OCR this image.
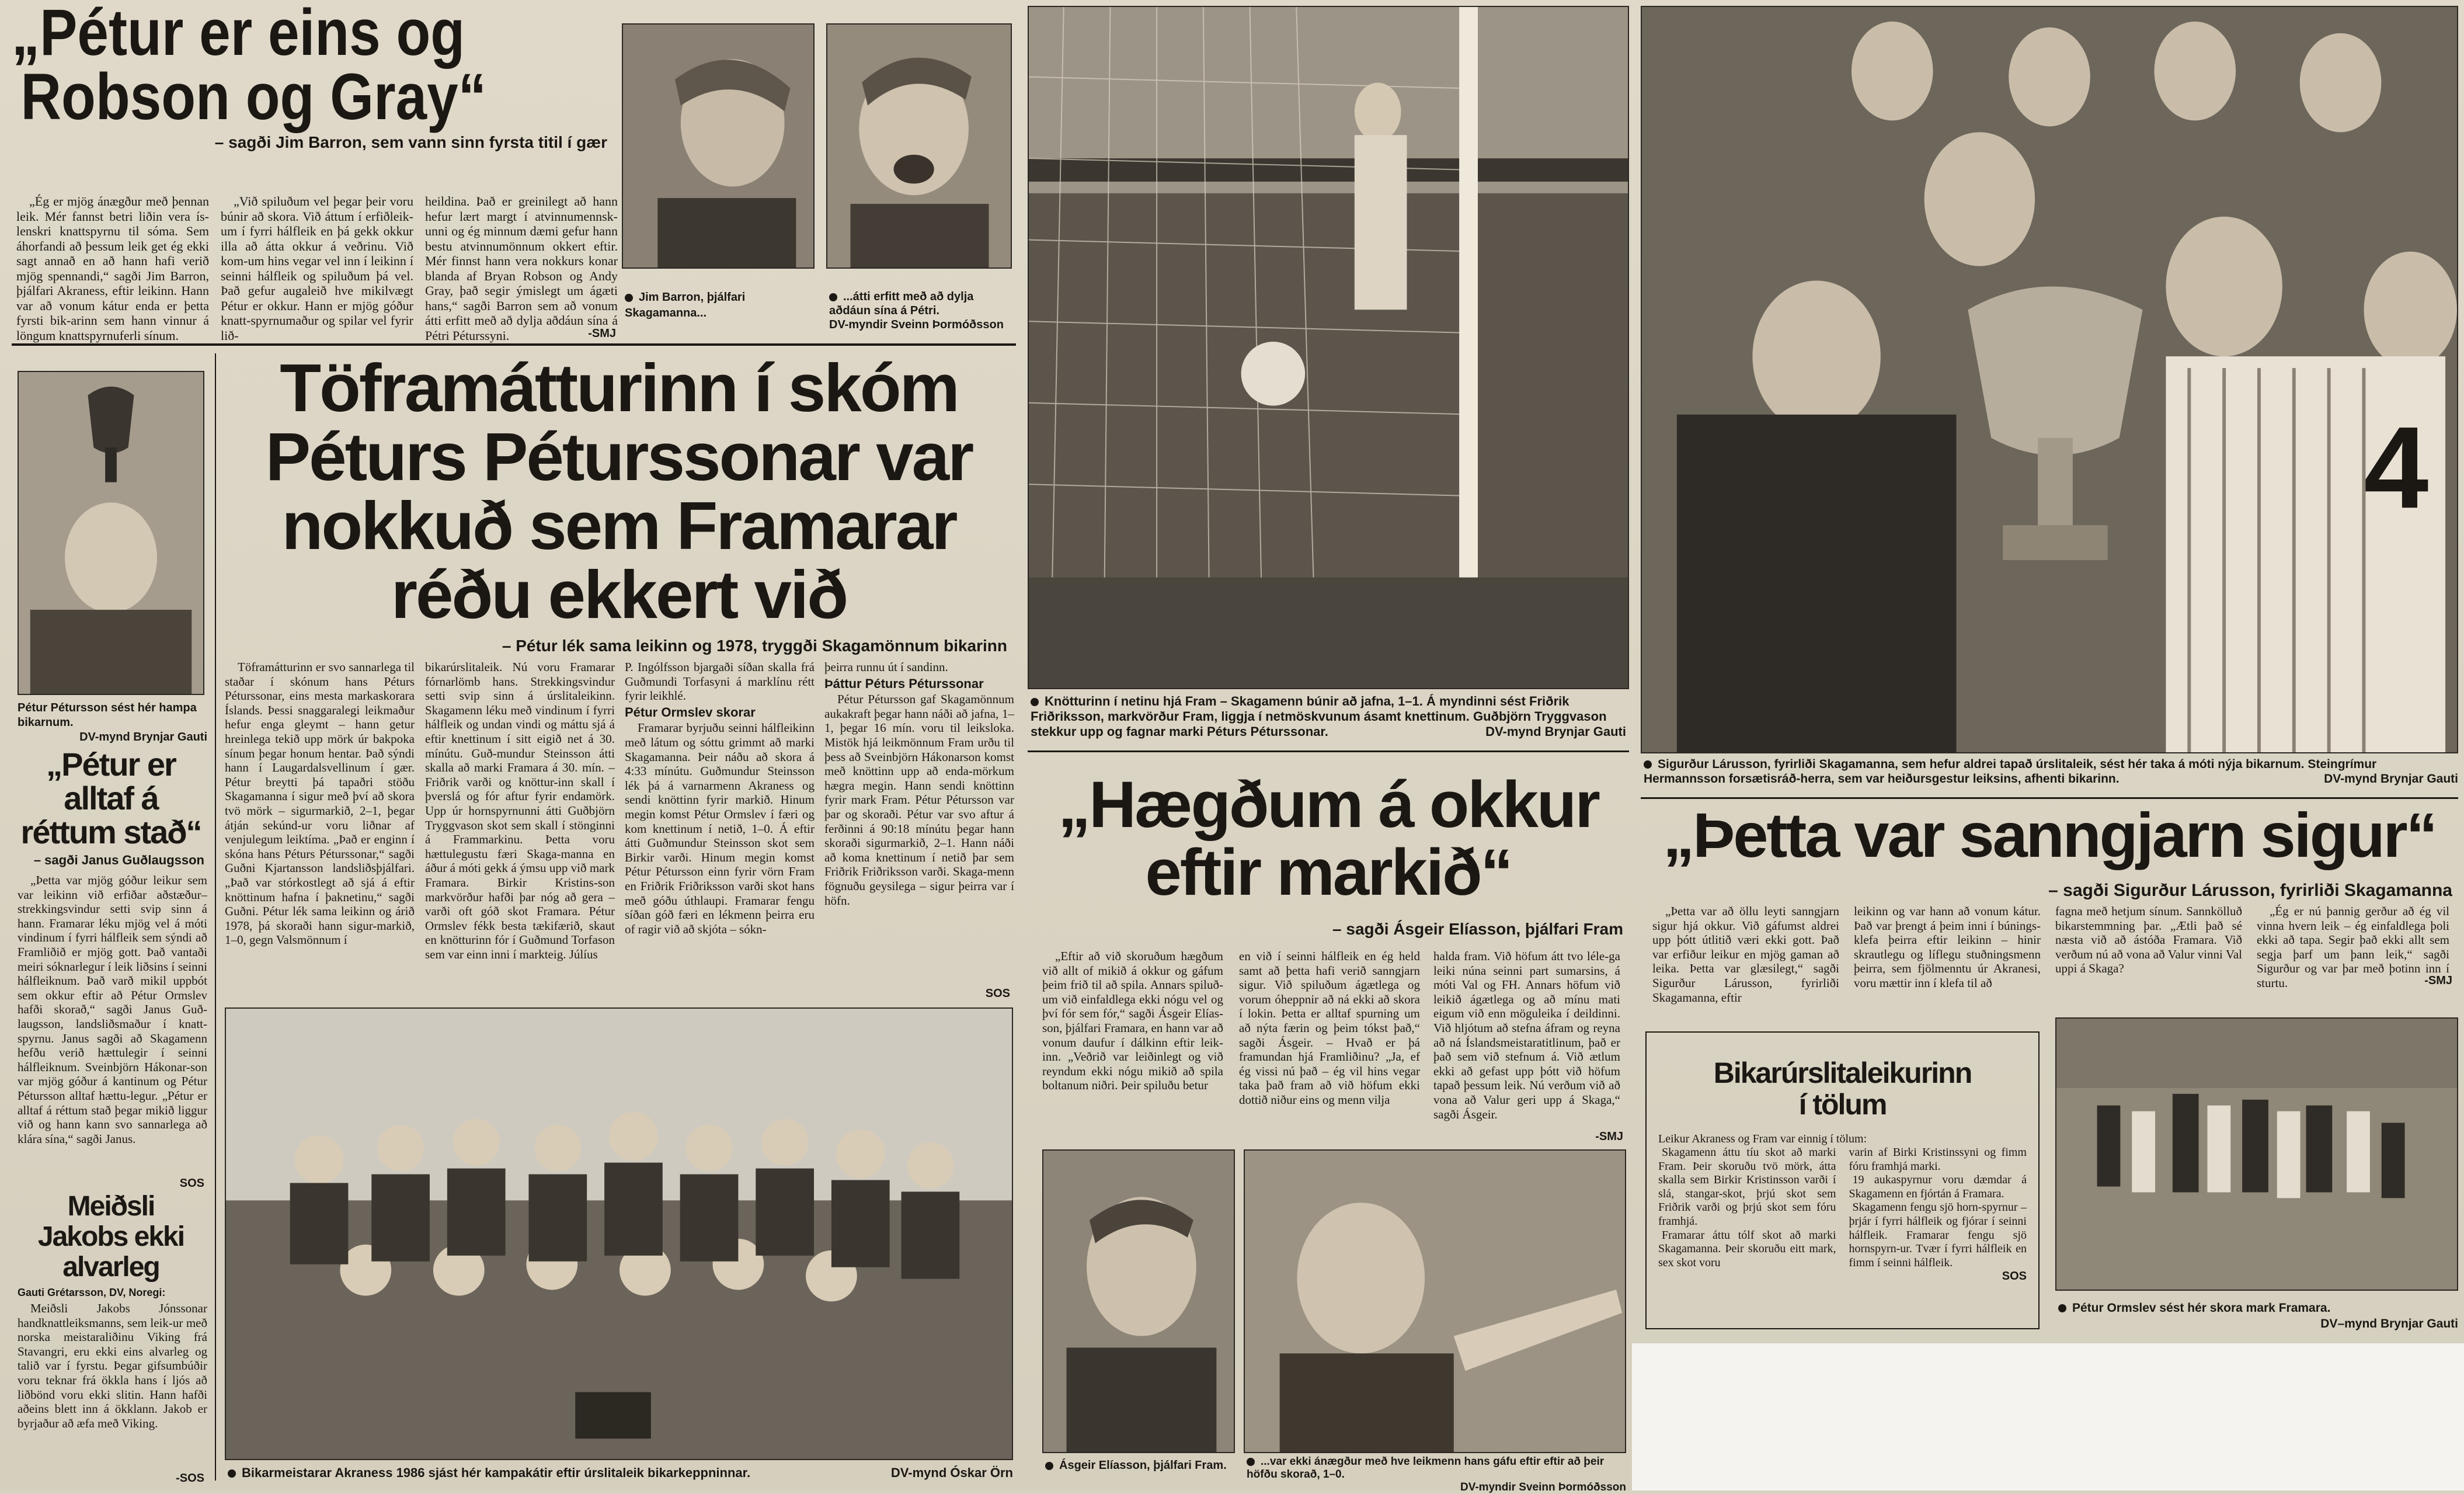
„Pétur er eins og
Robson og Gray“
– sagði Jim Barron, sem vann sinn fyrsta titil í gær

„Ég er mjög ánægður með þennan leik. Mér fannst betri liðin vera ís-lenskri knattspyrnu til sóma. Sem áhorfandi að þessum leik get ég ekki sagt annað en að hann hafi verið mjög spennandi,“ sagði Jim Barron, þjálfari Akraness, eftir leikinn. Hann var að vonum kátur enda er þetta fyrsti bik-arinn sem hann vinnur á löngum knattspyrnuferli sínum.

„Við spiluðum vel þegar þeir voru búnir að skora. Við áttum í erfiðleik-um í fyrri hálfleik en þá gekk okkur illa að átta okkur á veðrinu. Við kom-um hins vegar vel inn í leikinn í seinni hálfleik og spiluðum þá vel. Það gefur augaleið hve mikilvægt Pétur er okkur. Hann er mjög góður knatt-spyrnumaður og spilar vel fyrir lið-

heildina. Það er greinilegt að hann hefur lært margt í atvinnumennsk-unni og ég minnum dæmi gefur hann bestu atvinnumönnum okkert eftir. Mér finnst hann vera nokkurs konar blanda af Bryan Robson og Andy Gray, það segir ýmislegt um ágæti hans,“ sagði Barron sem að vonum átti erfitt með að dylja aðdáun sína á Pétri Péturssyni.	-SMJ
Jim Barron, þjálfari Skagamanna...
...átti erfitt með að dylja aðdáun sína á Pétri.
DV-myndir Sveinn Þormóðsson
Pétur Pétursson sést hér hampa bikarnum.

DV-mynd Brynjar Gauti
„Pétur er
alltaf á
réttum stað“
– sagði Janus Guðlaugsson

„Þetta var mjög góður leikur sem var leikinn við erfiðar aðstæður– strekkingsvindur setti svip sinn á hann. Framarar léku mjög vel á móti vindinum í fyrri hálfleik sem sýndi að Framliðið er mjög gott. Það vantaði meiri sóknarlegur í leik liðsins í seinni hálfleiknum. Það varð mikil uppbót sem okkur eftir að Pétur Ormslev hafði skorað,“ sagði Janus Guð-laugsson, landsliðsmaður í knatt-spyrnu. Janus sagði að Skagamenn hefðu verið hættulegir í seinni hálfleiknum. Sveinbjörn Hákonar-son var mjög góður á kantinum og Pétur Pétursson alltaf hættu-legur. „Pétur er alltaf á réttum stað þegar mikið liggur við og hann kann svo sannarlega að klára sína,“ sagði Janus.

SOS
Meiðsli
Jakobs ekki
alvarleg
Gauti Grétarsson, DV, Noregi:

Meiðsli Jakobs Jónssonar handknattleiksmanns, sem leik-ur með norska meistaraliðinu Viking frá Stavangri, eru ekki eins alvarleg og talið var í fyrstu. Þegar gifsumbúðir voru teknar frá ökkla hans í ljós að liðbönd voru ekki slitin. Hann hafði aðeins blett inn á ökklann. Jakob er byrjaður að æfa með Viking.

-SOS
Töframátturinn í skóm
Péturs Péturssonar var
nokkuð sem Framarar
réðu ekkert við
– Pétur lék sama leikinn og 1978, tryggði Skagamönnum bikarinn

Töframátturinn er svo sannarlega til staðar í skónum hans Péturs Péturssonar, eins mesta markaskorara Íslands. Þessi snaggaralegi leikmaður hefur enga gleymt – hann getur hreinlega tekið upp mörk úr bakpoka sínum þegar honum hentar. Það sýndi hann í Laugardalsvellinum í gær. Pétur breytti þá tapaðri stöðu Skagamanna í sigur með því að skora tvö mörk – sigurmarkið, 2–1, þegar átján sekúnd-ur voru liðnar af venjulegum leiktíma. „Það er enginn í skóna hans Péturs Péturssonar,“ sagði Guðni Kjartansson landsliðsþjálfari. „Það var stórkostlegt að sjá á eftir knöttinum hafna í þaknetinu,“ sagði Guðni. Pétur lék sama leikinn og árið 1978, þá skoraði hann sigur-markið, 1–0, gegn Valsmönnum í

bikarúrslitaleik. Nú voru Framarar fórnarlömb hans. Strekkingsvindur setti svip sinn á úrslitaleikinn. Skagamenn léku með vindinum í fyrri hálfleik og undan vindi og máttu sjá á eftir knettinum í sitt eigið net á 30. mínútu. Guð-mundur Steinsson átti skalla að marki Framara á 30. mín. – Friðrik varði og knöttur-inn skall í þverslá og fór aftur fyrir endamörk. Upp úr hornspyrnunni átti Guðbjörn Tryggvason skot sem skall í stönginni á Frammarkinu. Þetta voru hættulegustu færi Skaga-manna en áður á móti gekk á ýmsu upp við mark Framara. Birkir Kristins-son markvörður hafði þar nóg að gera – varði oft góð skot Framara. Pétur Ormslev fékk besta tækifærið, skaut en knötturinn fór í Guðmund Torfason sem var einn inni í markteig. Júlíus

P. Ingólfsson bjargaði síðan skalla frá Guðmundi Torfasyni á marklínu rétt fyrir leikhlé.

Pétur Ormslev skorar

Framarar byrjuðu seinni hálfleikinn með látum og sóttu grimmt að marki Skagamanna. Þeir náðu að skora á 4:33 mínútu. Guðmundur Steinsson lék þá á varnarmenn Akraness og sendi knöttinn fyrir markið. Hinum megin komst Pétur Ormslev í færi og kom knettinum í netið, 1–0. Á eftir átti Guðmundur Steinsson skot sem Birkir varði. Hinum megin komst Pétur Pétursson einn fyrir vörn Fram en Friðrik Friðriksson varði skot hans með góðu úthlaupi. Framarar fengu síðan góð færi en lékmenn þeirra eru of ragir við að skjóta – sókn-

þeirra runnu út í sandinn.

Þáttur Péturs Péturssonar

Pétur Pétursson gaf Skagamönnum aukakraft þegar hann náði að jafna, 1–1, þegar 16 mín. voru til leiksloka. Mistök hjá leikmönnum Fram urðu til þess að Sveinbjörn Hákonarson komst með knöttinn upp að enda-mörkum hægra megin. Hann sendi knöttinn fyrir mark Fram. Pétur Pétursson var þar og skoraði. Pétur var svo aftur á ferðinni á 90:18 mínútu þegar hann skoraði sigurmarkið, 2–1. Hann náði að koma knettinum í netið þar sem Friðrik Friðriksson varði. Skaga-menn fögnuðu geysilega – sigur þeirra var í höfn.

SOS
Bikarmeistarar Akraness 1986 sjást hér kampakátir eftir úrslitaleik bikarkeppninnar.	DV-mynd Óskar Örn
Knötturinn í netinu hjá Fram – Skagamenn búnir að jafna, 1–1. Á myndinni sést Friðrik Friðriksson, markvörður Fram, liggja í netmöskvunum ásamt knettinum. Guðbjörn Tryggvason stekkur upp og fagnar marki Péturs Péturssonar.	DV-mynd Brynjar Gauti
„Hægðum á okkur
eftir markið“
– sagði Ásgeir Elíasson, þjálfari Fram

„Eftir að við skoruðum hægðum við allt of mikið á okkur og gáfum þeim frið til að spila. Annars spiluð-um við einfaldlega ekki nógu vel og því fór sem fór,“ sagði Ásgeir Elías-son, þjálfari Framara, en hann var að vonum daufur í dálkinn eftir leik-inn. „Veðrið var leiðinlegt og við reyndum ekki nógu mikið að spila boltanum niðri. Þeir spiluðu betur

en við í seinni hálfleik en ég held samt að þetta hafi verið sanngjarn sigur. Við spiluðum ágætlega og vorum óheppnir að ná ekki að skora í lokin. Þetta er alltaf spurning um að nýta færin og þeim tókst það,“ sagði Ásgeir. – Hvað er þá framundan hjá Framliðinu? „Ja, ef ég vissi nú það – ég vil hins vegar taka það fram að við höfum ekki dottið niður eins og menn vilja

halda fram. Við höfum átt tvo léle-ga leiki núna seinni part sumarsins, á móti Val og FH. Annars höfum við leikið ágætlega og að mínu mati eigum við enn möguleika í deildinni. Við hljótum að stefna áfram og reyna að ná Íslandsmeistaratitlinum, það er það sem við stefnum á. Við ætlum ekki að gefast upp þótt við höfum tapað þessum leik. Nú verðum við að vona að Valur geri upp á Skaga,“ sagði Ásgeir.

-SMJ
Ásgeir Elíasson, þjálfari Fram.	...var ekki ánægður með hve leikmenn hans gáfu eftir eftir að þeir höfðu skorað, 1–0.

DV-myndir Sveinn Þormóðsson
4
Sigurður Lárusson, fyrirliði Skagamanna, sem hefur aldrei tapað úrslitaleik, sést hér taka á móti nýja bikarnum. Steingrímur Hermannsson forsætisráð-herra, sem var heiðursgestur leiksins, afhenti bikarinn.	DV-mynd Brynjar Gauti
„Þetta var sanngjarn sigur“
– sagði Sigurður Lárusson, fyrirliði Skagamanna

„Þetta var að öllu leyti sanngjarn sigur hjá okkur. Við gáfumst aldrei upp þótt útlitið væri ekki gott. Það var erfiður leikur en mjög gaman að leika. Þetta var glæsilegt,“ sagði Sigurður Lárusson, fyrirliði Skagamanna, eftir

leikinn og var hann að vonum kátur. Það var þrengt á þeim inni í búnings-klefa þeirra eftir leikinn – hinir skrautlegu og líflegu stuðningsmenn þeirra, sem fjölmenntu úr Akranesi, voru mættir inn í klefa til að

fagna með hetjum sínum. Sannkölluð bikarstemmning þar. „Ætli það sé næsta við að ástóða Framara. Við verðum nú að vona að Valur vinni Val uppi á Skaga?

„Ég er nú þannig gerður að ég vil vinna hvern leik – ég einfaldlega þoli ekki að tapa. Segir það ekki allt sem segja þarf um þann leik,“ sagði Sigurður og var þar með þotinn inn í sturtu.	-SMJ
Bikarúrslitaleikurinn
í tölum
Leikur Akraness og Fram var einnig í tölum:
Skagamenn áttu tíu skot að marki Fram. Þeir skoruðu tvö mörk, átta skalla sem Birkir Kristinsson varði í slá, stangar-skot, þrjú skot sem Friðrik varði og þrjú skot sem fóru framhjá.
Framarar áttu tólf skot að marki Skagamanna. Þeir skoruðu eitt mark, sex skot voru
varin af Birki Kristinssyni og fimm fóru framhjá marki.
19 aukaspyrnur voru dæmdar á Skagamenn en fjórtán á Framara.
Skagamenn fengu sjö horn-spyrnur – þrjár í fyrri hálfleik og fjórar í seinni hálfleik. Framarar fengu sjö hornspyrn-ur. Tvær í fyrri hálfleik en fimm í seinni hálfleik.
SOS
Pétur Ormslev sést hér skora mark Framara.
DV–mynd Brynjar Gauti
